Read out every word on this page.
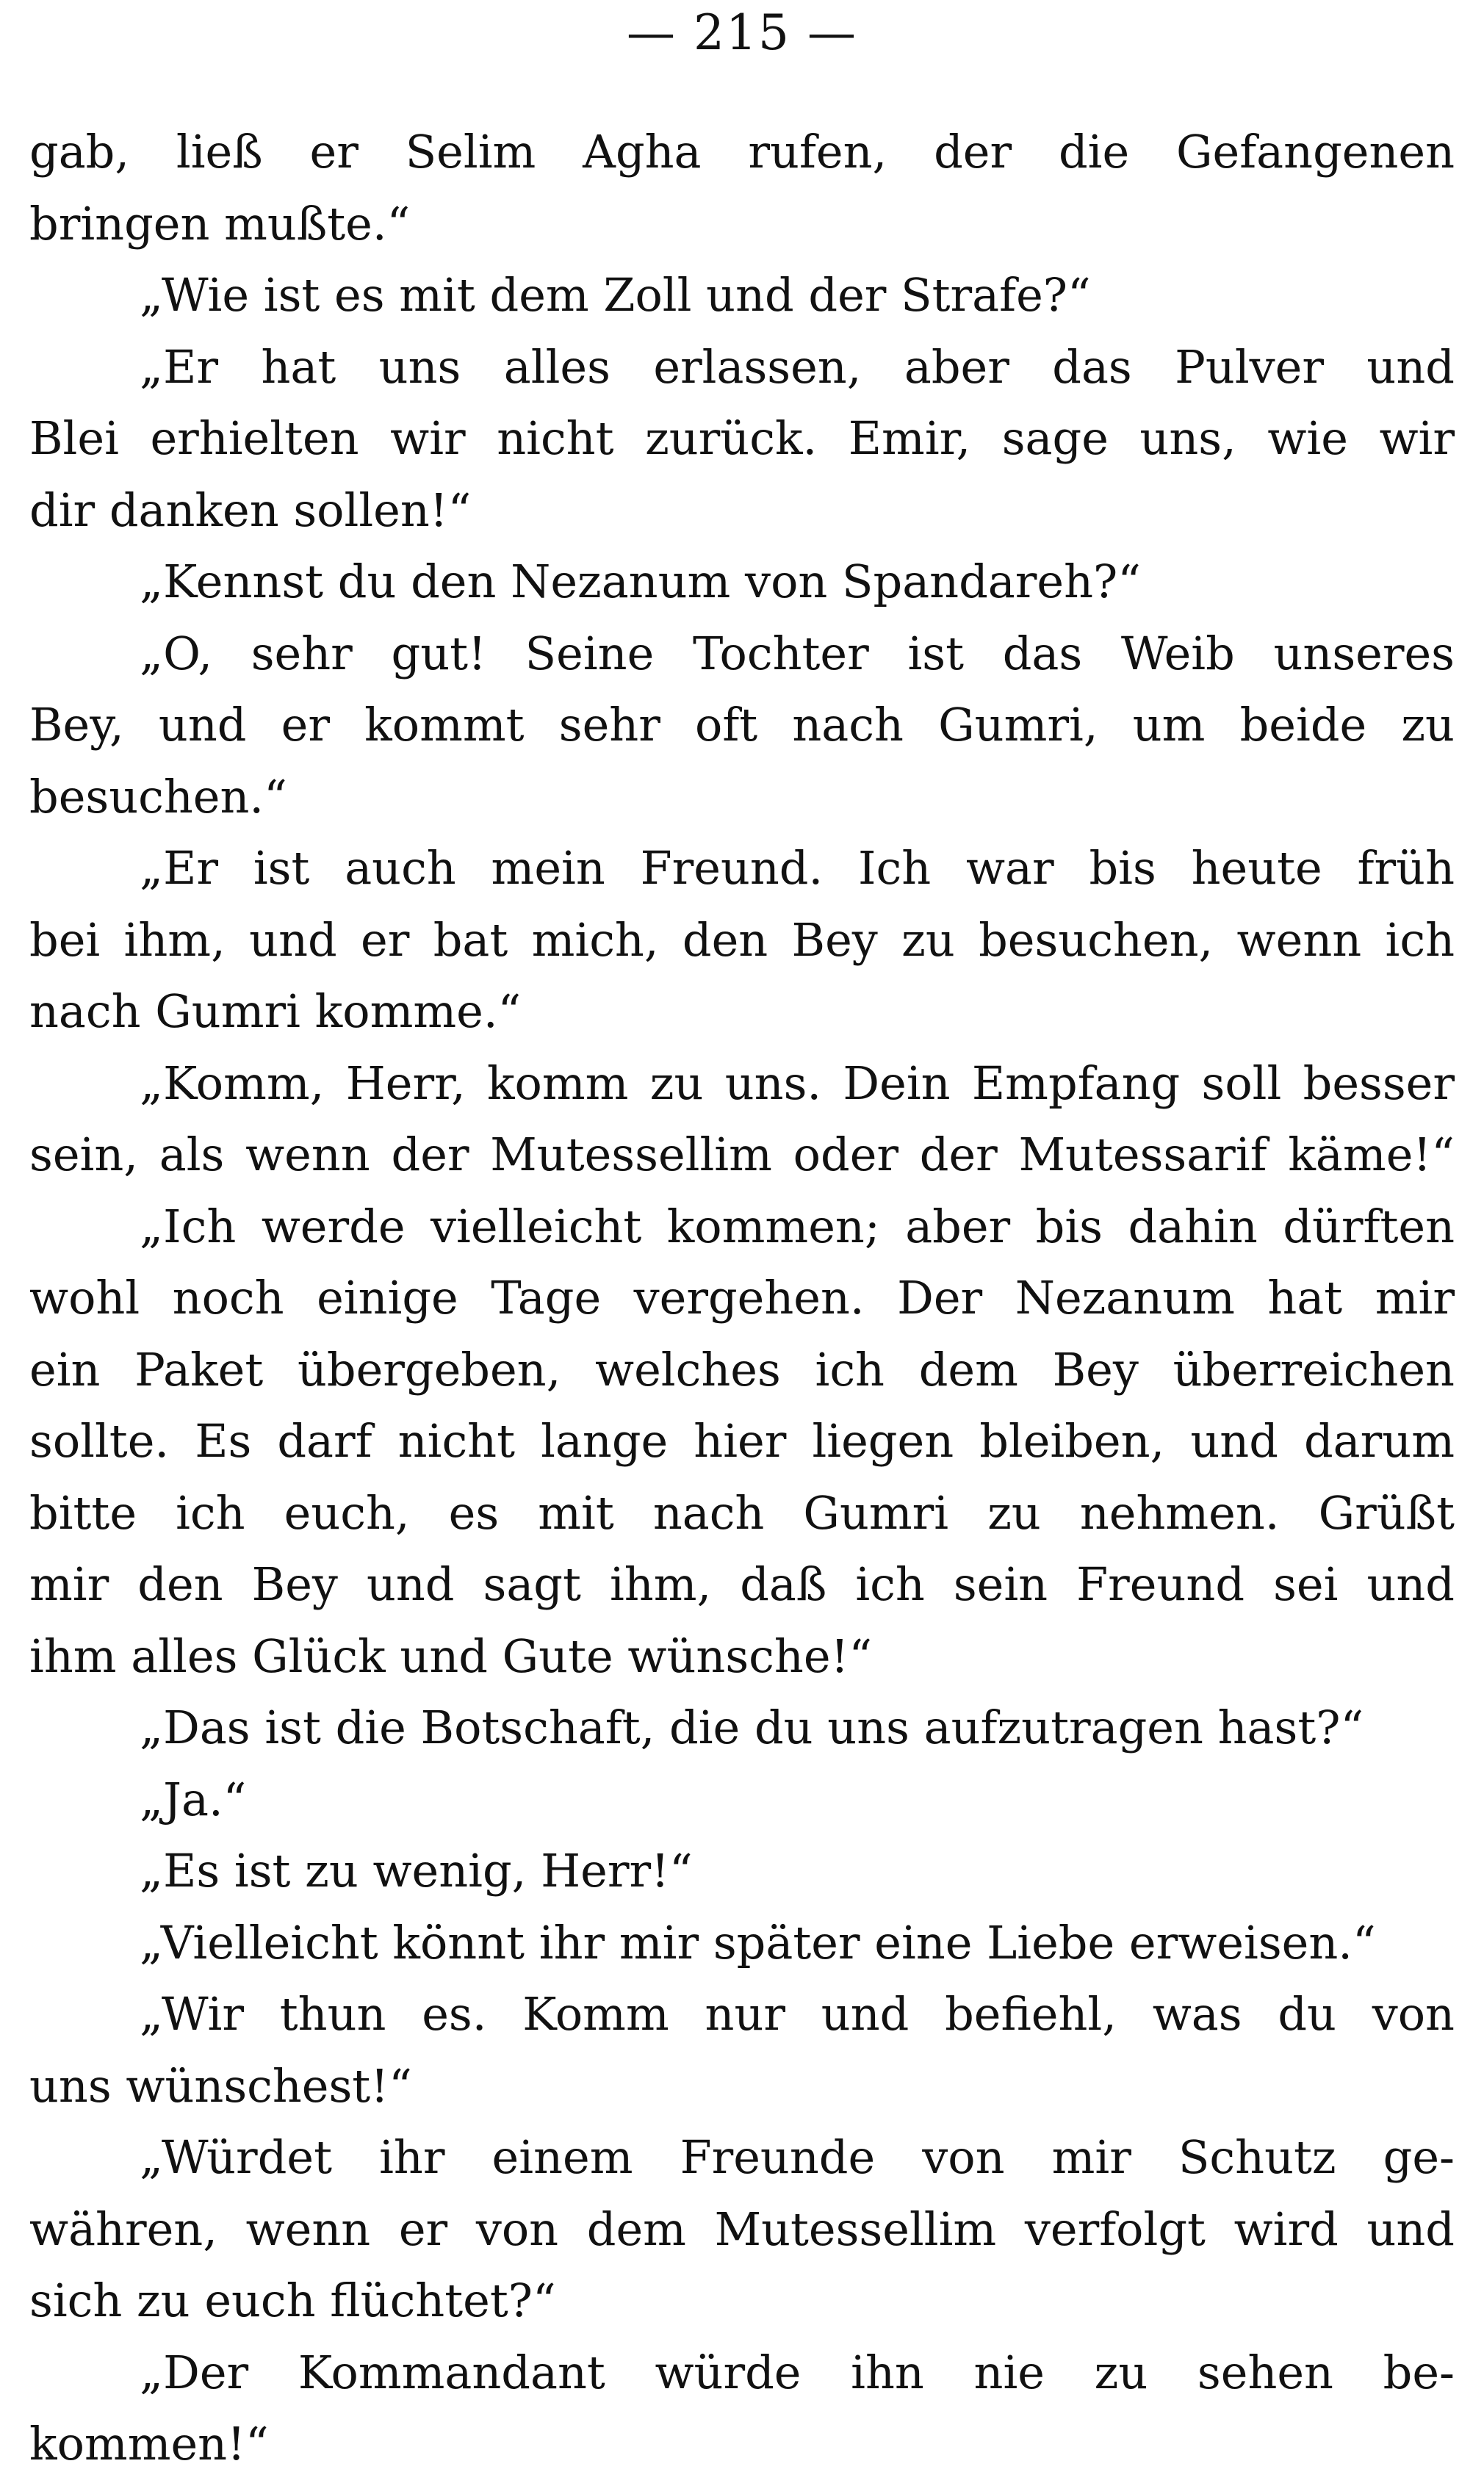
— 215 —
gab, ließ er Selim Agha rufen, der die Gefangenen
bringen mußte.“
„Wie ist es mit dem Zoll und der Strafe?“
„Er hat uns alles erlassen, aber das Pulver und
Blei erhielten wir nicht zurück. Emir, sage uns, wie wir
dir danken sollen!“
„Kennst du den Nezanum von Spandareh?“
„O, sehr gut! Seine Tochter ist das Weib unseres
Bey, und er kommt sehr oft nach Gumri, um beide zu
besuchen.“
„Er ist auch mein Freund. Ich war bis heute früh
bei ihm, und er bat mich, den Bey zu besuchen, wenn ich
nach Gumri komme.“
„Komm, Herr, komm zu uns. Dein Empfang soll besser
sein, als wenn der Mutessellim oder der Mutessarif käme!“
„Ich werde vielleicht kommen; aber bis dahin dürften
wohl noch einige Tage vergehen. Der Nezanum hat mir
ein Paket übergeben, welches ich dem Bey überreichen
sollte. Es darf nicht lange hier liegen bleiben, und darum
bitte ich euch, es mit nach Gumri zu nehmen. Grüßt
mir den Bey und sagt ihm, daß ich sein Freund sei und
ihm alles Glück und Gute wünsche!“
„Das ist die Botschaft, die du uns aufzutragen hast?“
„Ja.“
„Es ist zu wenig, Herr!“
„Vielleicht könnt ihr mir später eine Liebe erweisen.“
„Wir thun es. Komm nur und befiehl, was du von
uns wünschest!“
„Würdet ihr einem Freunde von mir Schutz ge-
währen, wenn er von dem Mutessellim verfolgt wird und
sich zu euch flüchtet?“
„Der Kommandant würde ihn nie zu sehen be-
kommen!“
